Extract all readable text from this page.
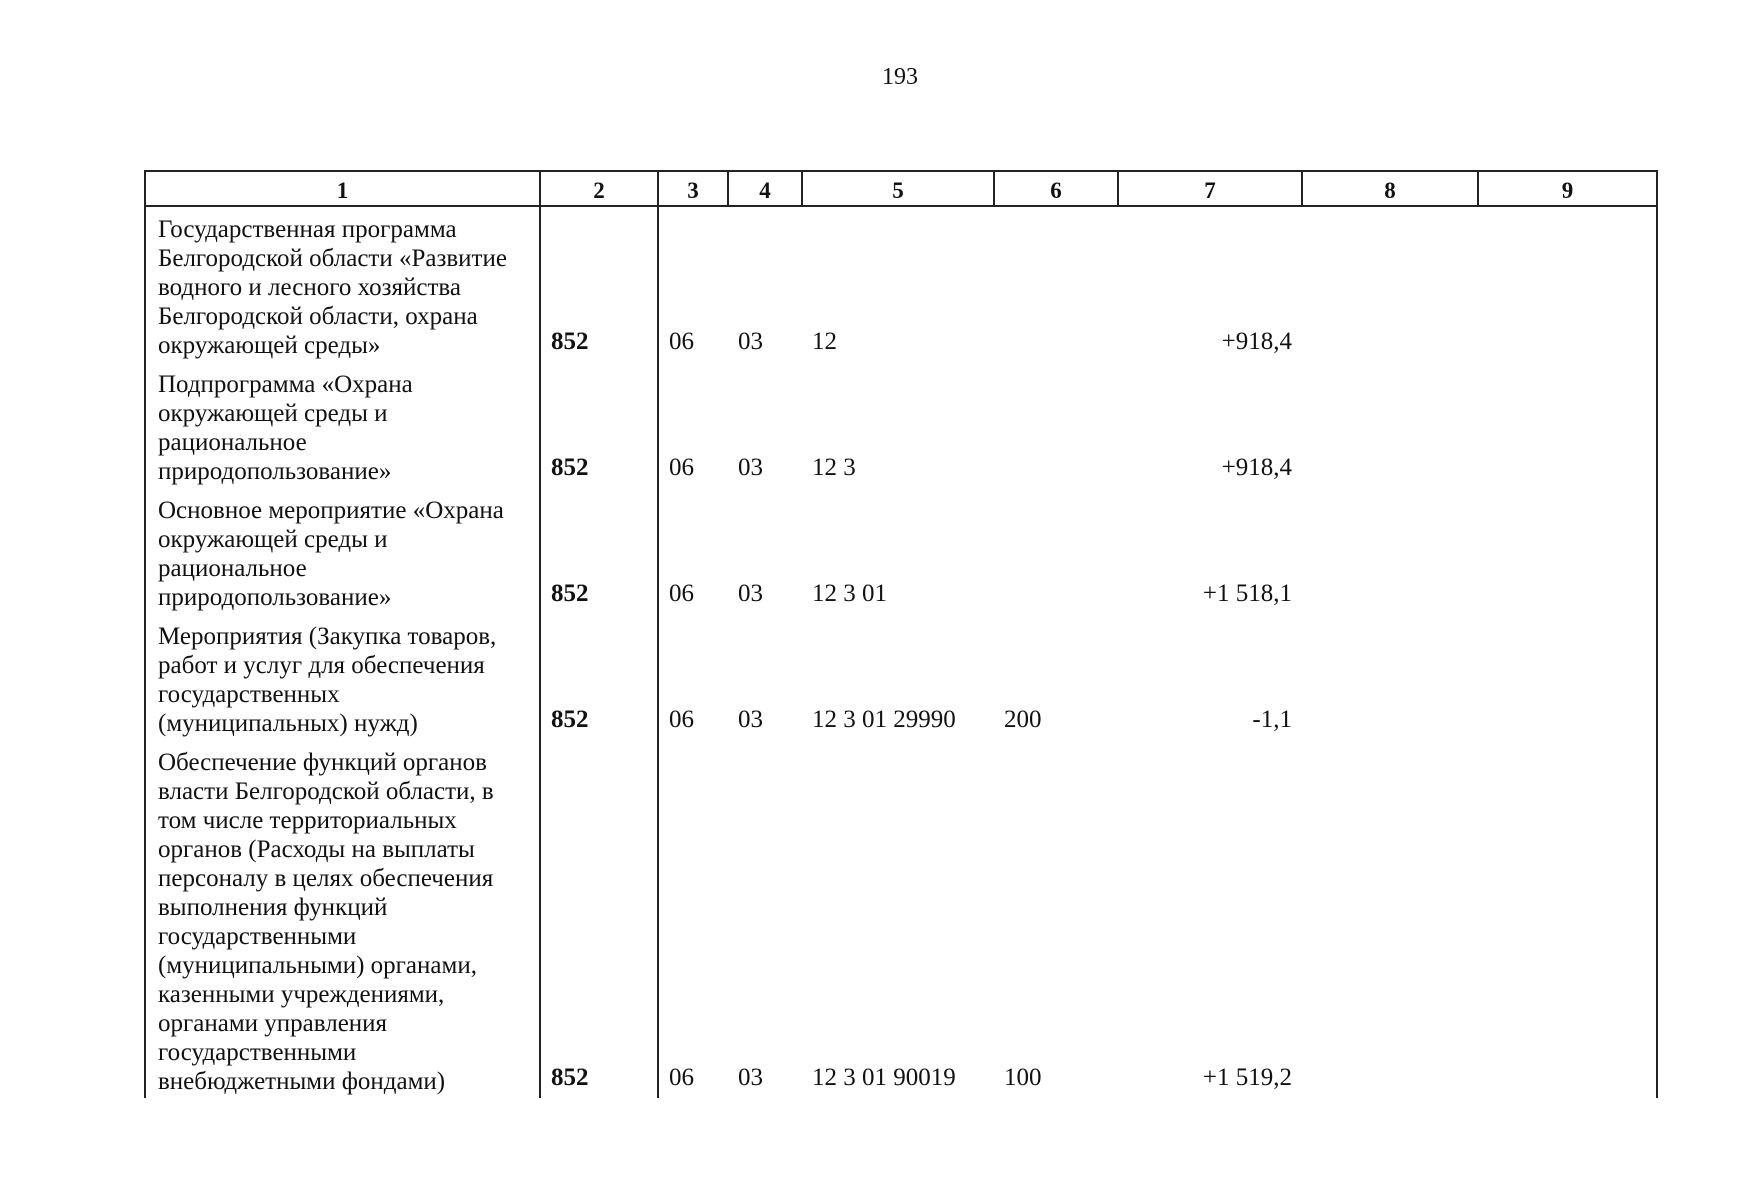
193
1	2	3	4	5	6	7	8	9
Государственная программа Белгородской области «Развитие водного и лесного хозяйства Белгородской области, охрана окружающей среды»	852	06	03	12		+918,4		
Подпрограмма «Охрана окружающей среды и рациональное природопользование»	852	06	03	12 3		+918,4		
Основное мероприятие «Охрана окружающей среды и рациональное природопользование»	852	06	03	12 3 01		+1 518,1		
Мероприятия (Закупка товаров, работ и услуг для обеспечения государственных (муниципальных) нужд)	852	06	03	12 3 01 29990	200	-1,1		
Обеспечение функций органов власти Белгородской области, в том числе территориальных органов (Расходы на выплаты персоналу в целях обеспечения выполнения функций государственными (муниципальными) органами, казенными учреждениями, органами управления государственными внебюджетными фондами)	852	06	03	12 3 01 90019	100	+1 519,2		
